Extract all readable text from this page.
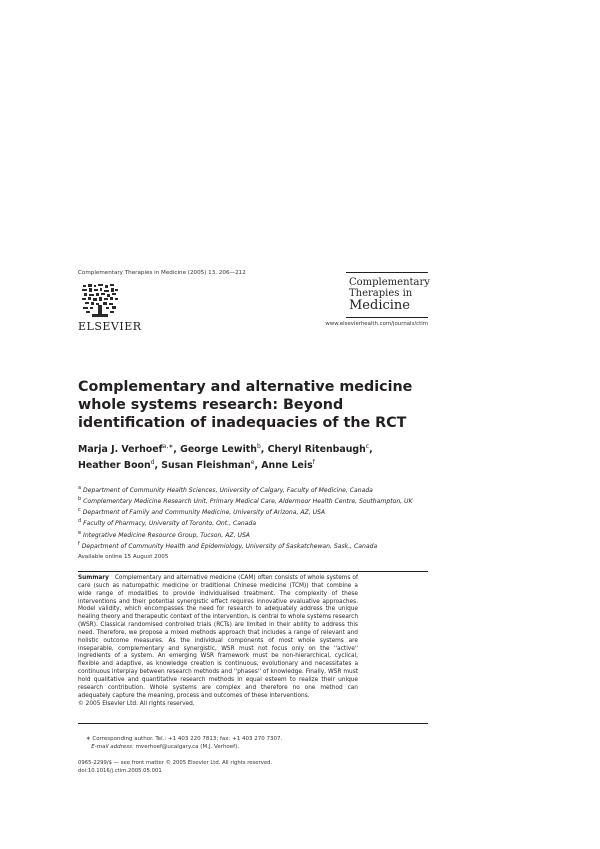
Complementary Therapies in Medicine (2005) 13, 206—212
ELSEVIER
Complementary
Therapies in
Medicine
www.elsevierhealth.com/journals/ctim
Complementary and alternative medicine whole systems research: Beyond identification of inadequacies of the RCT
Marja J. Verhoef$^{a,∗}$, George Lewith$^b$, Cheryl Ritenbaugh$^c$,
Heather Boon$^d$, Susan Fleishman$^e$, Anne Leis$^f$
$^a$ Department of Community Health Sciences, University of Calgary, Faculty of Medicine, Canada
$^b$ Complementary Medicine Research Unit, Primary Medical Care, Aldermoor Health Centre, Southampton, UK
$^c$ Department of Family and Community Medicine, University of Arizona, AZ, USA
$^d$ Faculty of Pharmacy, University of Toronto, Ont., Canada
$^e$ Integrative Medicine Resource Group, Tucson, AZ, USA
$^f$ Department of Community Health and Epidemiology, University of Saskatchewan, Sask., Canada
Available online 15 August 2005
Summary Complementary and alternative medicine (CAM) often consists of whole systems of care (such as naturopathic medicine or traditional Chinese medicine (TCM)) that combine a wide range of modalities to provide individualised treatment. The complexity of these interventions and their potential synergistic effect requires innovative evaluative approaches. Model validity, which encompasses the need for research to adequately address the unique healing theory and therapeutic context of the intervention, is central to whole systems research (WSR). Classical randomised controlled trials (RCTs) are limited in their ability to address this need. Therefore, we propose a mixed methods approach that includes a range of relevant and holistic outcome measures. As the individual components of most whole systems are inseparable, complementary and synergistic, WSR must not focus only on the ''active'' ingredients of a system. An emerging WSR framework must be non-hierarchical, cyclical, flexible and adaptive, as knowledge creation is continuous, evolutionary and necessitates a continuous interplay between research methods and ''phases'' of knowledge. Finally, WSR must hold qualitative and quantitative research methods in equal esteem to realize their unique research contribution. Whole systems are complex and therefore no one method can adequately capture the meaning, process and outcomes of these interventions.
© 2005 Elsevier Ltd. All rights reserved.
∗ Corresponding author. Tel.: +1 403 220 7813; fax: +1 403 270 7307.
E-mail address: mverhoef@ucalgary.ca (M.J. Verhoef).
0965-2299/$ — see front matter © 2005 Elsevier Ltd. All rights reserved.
doi:10.1016/j.ctim.2005.05.001
